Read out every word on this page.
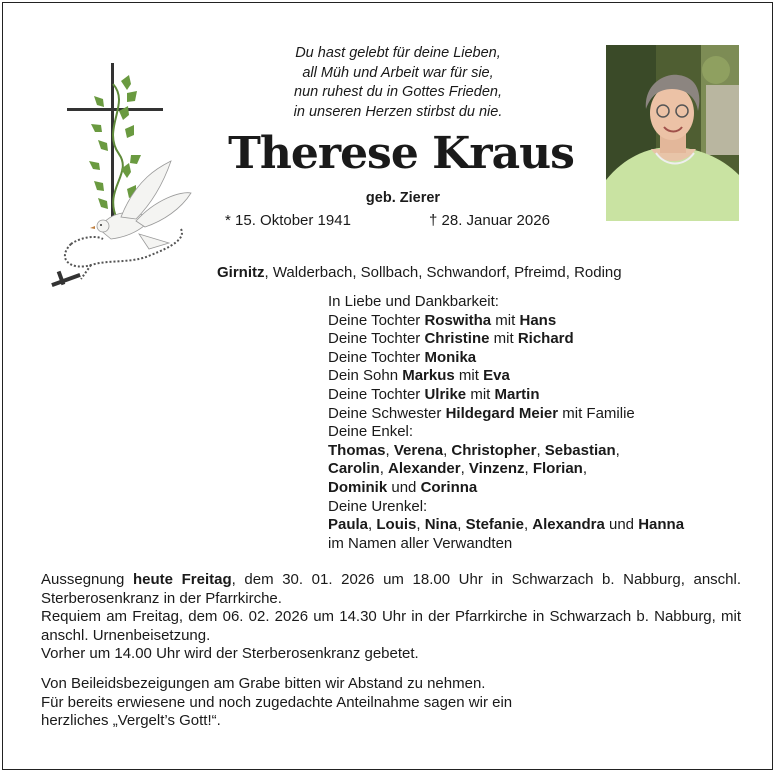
Du hast gelebt für deine Lieben,
all Müh und Arbeit war für sie,
nun ruhest du in Gottes Frieden,
in unseren Herzen stirbst du nie.
Therese Kraus
geb. Zierer
* 15. Oktober 1941	† 28. Januar 2026
Girnitz, Walderbach, Sollbach, Schwandorf, Pfreimd, Roding
In Liebe und Dankbarkeit:
Deine Tochter Roswitha mit Hans
Deine Tochter Christine mit Richard
Deine Tochter Monika
Dein Sohn Markus mit Eva
Deine Tochter Ulrike mit Martin
Deine Schwester Hildegard Meier mit Familie
Deine Enkel:
Thomas, Verena, Christopher, Sebastian,
Carolin, Alexander, Vinzenz, Florian,
Dominik und Corinna
Deine Urenkel:
Paula, Louis, Nina, Stefanie, Alexandra und Hanna
im Namen aller Verwandten
Aussegnung heute Freitag, dem 30. 01. 2026 um 18.00 Uhr in Schwarzach b. Nabburg, anschl. Sterberosenkranz in der Pfarrkirche.
Requiem am Freitag, dem 06. 02. 2026 um 14.30 Uhr in der Pfarrkirche in Schwarzach b. Nabburg, mit anschl. Urnenbeisetzung.
Vorher um 14.00 Uhr wird der Sterberosenkranz gebetet.
Von Beileidsbezeigungen am Grabe bitten wir Abstand zu nehmen.
Für bereits erwiesene und noch zugedachte Anteilnahme sagen wir ein
herzliches „Vergelt’s Gott!“.
